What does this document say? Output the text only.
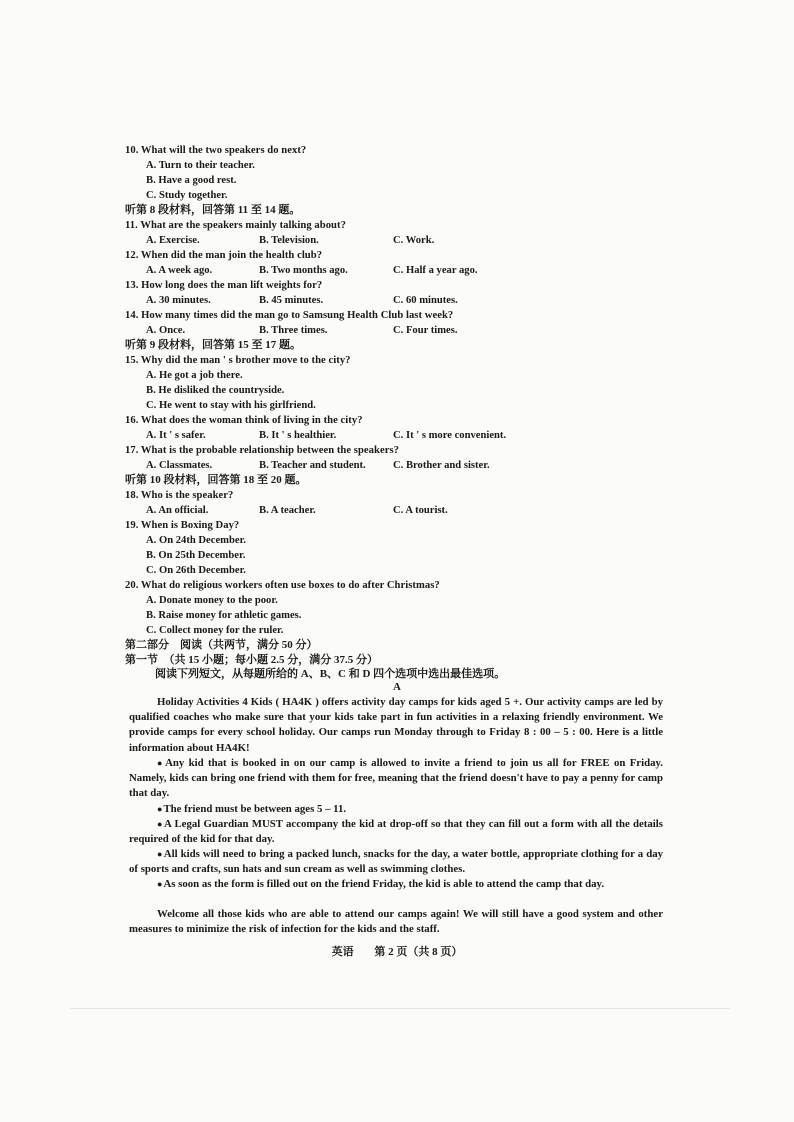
10. What will the two speakers do next?
A. Turn to their teacher.
B. Have a good rest.
C. Study together.
听第 8 段材料，回答第 11 至 14 题。
11. What are the speakers mainly talking about?
A. Exercise.	B. Television.	C. Work.
12. When did the man join the health club?
A. A week ago.	B. Two months ago.	C. Half a year ago.
13. How long does the man lift weights for?
A. 30 minutes.	B. 45 minutes.	C. 60 minutes.
14. How many times did the man go to Samsung Health Club last week?
A. Once.	B. Three times.	C. Four times.
听第 9 段材料，回答第 15 至 17 题。
15. Why did the man ' s brother move to the city?
A. He got a job there.
B. He disliked the countryside.
C. He went to stay with his girlfriend.
16. What does the woman think of living in the city?
A. It ' s safer.	B. It ' s healthier.	C. It ' s more convenient.
17. What is the probable relationship between the speakers?
A. Classmates.	B. Teacher and student.	C. Brother and sister.
听第 10 段材料，回答第 18 至 20 题。
18. Who is the speaker?
A. An official.	B. A teacher.	C. A tourist.
19. When is Boxing Day?
A. On 24th December.
B. On 25th December.
C. On 26th December.
20. What do religious workers often use boxes to do after Christmas?
A. Donate money to the poor.
B. Raise money for athletic games.
C. Collect money for the ruler.
第二部分　阅读（共两节，满分 50 分）
第一节　（共 15 小题；每小题 2.5 分，满分 37.5 分）
阅读下列短文，从每题所给的 A、B、C 和 D 四个选项中选出最佳选项。
A
Holiday Activities 4 Kids ( HA4K ) offers activity day camps for kids aged 5 +. Our activity camps are led by qualified coaches who make sure that your kids take part in fun activities in a relaxing friendly environment. We provide camps for every school holiday. Our camps run Monday through to Friday 8 : 00 – 5 : 00. Here is a little information about HA4K!
● Any kid that is booked in on our camp is allowed to invite a friend to join us all for FREE on Friday. Namely, kids can bring one friend with them for free, meaning that the friend doesn't have to pay a penny for camp that day.
● The friend must be between ages 5 – 11.
● A Legal Guardian MUST accompany the kid at drop-off so that they can fill out a form with all the details required of the kid for that day.
● All kids will need to bring a packed lunch, snacks for the day, a water bottle, appropriate clothing for a day of sports and crafts, sun hats and sun cream as well as swimming clothes.
● As soon as the form is filled out on the friend Friday, the kid is able to attend the camp that day.
Welcome all those kids who are able to attend our camps again! We will still have a good system and other measures to minimize the risk of infection for the kids and the staff.
英语 第 2 页（共 8 页）
